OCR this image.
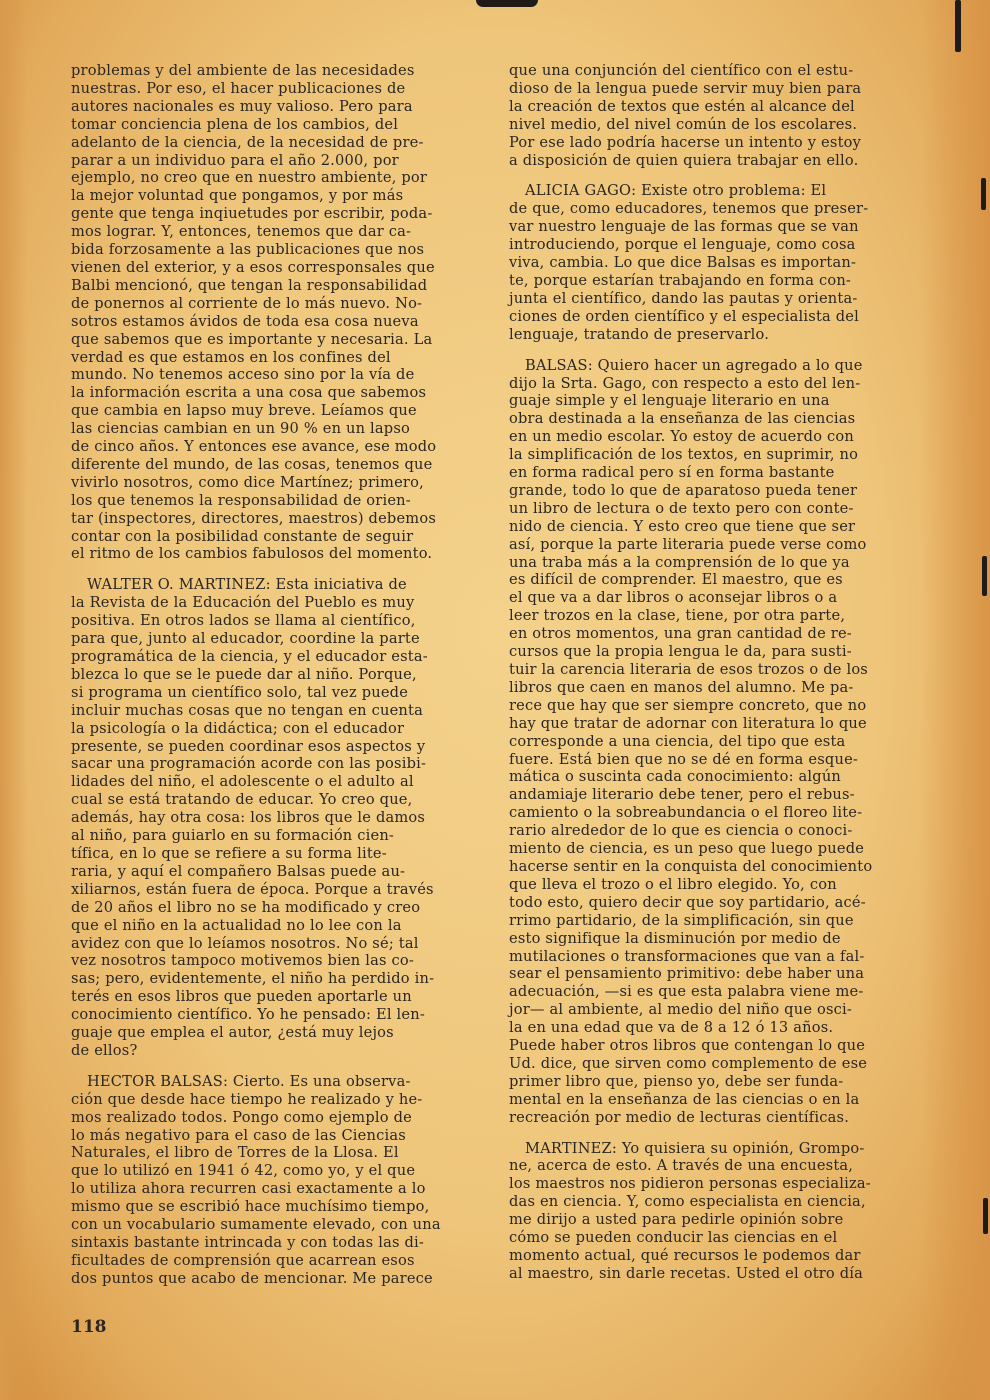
problemas y del ambiente de las necesidades
nuestras. Por eso, el hacer publicaciones de
autores nacionales es muy valioso. Pero para
tomar conciencia plena de los cambios, del
adelanto de la ciencia, de la necesidad de pre-
parar a un individuo para el año 2.000, por
ejemplo, no creo que en nuestro ambiente, por
la mejor voluntad que pongamos, y por más
gente que tenga inqiuetudes por escribir, poda-
mos lograr. Y, entonces, tenemos que dar ca-
bida forzosamente a las publicaciones que nos
vienen del exterior, y a esos corresponsales que
Balbi mencionó, que tengan la responsabilidad
de ponernos al corriente de lo más nuevo. No-
sotros estamos ávidos de toda esa cosa nueva
que sabemos que es importante y necesaria. La
verdad es que estamos en los confines del
mundo. No tenemos acceso sino por la vía de
la información escrita a una cosa que sabemos
que cambia en lapso muy breve. Leíamos que
las ciencias cambian en un 90 % en un lapso
de cinco años. Y entonces ese avance, ese modo
diferente del mundo, de las cosas, tenemos que
vivirlo nosotros, como dice Martínez; primero,
los que tenemos la responsabilidad de orien-
tar (inspectores, directores, maestros) debemos
contar con la posibilidad constante de seguir
el ritmo de los cambios fabulosos del momento.

WALTER O. MARTINEZ: Esta iniciativa de
la Revista de la Educación del Pueblo es muy
positiva. En otros lados se llama al científico,
para que, junto al educador, coordine la parte
programática de la ciencia, y el educador esta-
blezca lo que se le puede dar al niño. Porque,
si programa un científico solo, tal vez puede
incluir muchas cosas que no tengan en cuenta
la psicología o la didáctica; con el educador
presente, se pueden coordinar esos aspectos y
sacar una programación acorde con las posibi-
lidades del niño, el adolescente o el adulto al
cual se está tratando de educar. Yo creo que,
además, hay otra cosa: los libros que le damos
al niño, para guiarlo en su formación cien-
tífica, en lo que se refiere a su forma lite-
raria, y aquí el compañero Balsas puede au-
xiliarnos, están fuera de época. Porque a través
de 20 años el libro no se ha modificado y creo
que el niño en la actualidad no lo lee con la
avidez con que lo leíamos nosotros. No sé; tal
vez nosotros tampoco motivemos bien las co-
sas; pero, evidentemente, el niño ha perdido in-
terés en esos libros que pueden aportarle un
conocimiento científico. Yo he pensado: El len-
guaje que emplea el autor, ¿está muy lejos
de ellos?

HECTOR BALSAS: Cierto. Es una observa-
ción que desde hace tiempo he realizado y he-
mos realizado todos. Pongo como ejemplo de
lo más negativo para el caso de las Ciencias
Naturales, el libro de Torres de la Llosa. El
que lo utilizó en 1941 ó 42, como yo, y el que
lo utiliza ahora recurren casi exactamente a lo
mismo que se escribió hace muchísimo tiempo,
con un vocabulario sumamente elevado, con una
sintaxis bastante intrincada y con todas las di-
ficultades de comprensión que acarrean esos
dos puntos que acabo de mencionar. Me parece

que una conjunción del científico con el estu-
dioso de la lengua puede servir muy bien para
la creación de textos que estén al alcance del
nivel medio, del nivel común de los escolares.
Por ese lado podría hacerse un intento y estoy
a disposición de quien quiera trabajar en ello.

ALICIA GAGO: Existe otro problema: El
de que, como educadores, tenemos que preser-
var nuestro lenguaje de las formas que se van
introduciendo, porque el lenguaje, como cosa
viva, cambia. Lo que dice Balsas es importan-
te, porque estarían trabajando en forma con-
junta el científico, dando las pautas y orienta-
ciones de orden científico y el especialista del
lenguaje, tratando de preservarlo.

BALSAS: Quiero hacer un agregado a lo que
dijo la Srta. Gago, con respecto a esto del len-
guaje simple y el lenguaje literario en una
obra destinada a la enseñanza de las ciencias
en un medio escolar. Yo estoy de acuerdo con
la simplificación de los textos, en suprimir, no
en forma radical pero sí en forma bastante
grande, todo lo que de aparatoso pueda tener
un libro de lectura o de texto pero con conte-
nido de ciencia. Y esto creo que tiene que ser
así, porque la parte literaria puede verse como
una traba más a la comprensión de lo que ya
es difícil de comprender. El maestro, que es
el que va a dar libros o aconsejar libros o a
leer trozos en la clase, tiene, por otra parte,
en otros momentos, una gran cantidad de re-
cursos que la propia lengua le da, para susti-
tuir la carencia literaria de esos trozos o de los
libros que caen en manos del alumno. Me pa-
rece que hay que ser siempre concreto, que no
hay que tratar de adornar con literatura lo que
corresponde a una ciencia, del tipo que esta
fuere. Está bien que no se dé en forma esque-
mática o suscinta cada conocimiento: algún
andamiaje literario debe tener, pero el rebus-
camiento o la sobreabundancia o el floreo lite-
rario alrededor de lo que es ciencia o conoci-
miento de ciencia, es un peso que luego puede
hacerse sentir en la conquista del conocimiento
que lleva el trozo o el libro elegido. Yo, con
todo esto, quiero decir que soy partidario, acé-
rrimo partidario, de la simplificación, sin que
esto signifique la disminución por medio de
mutilaciones o transformaciones que van a fal-
sear el pensamiento primitivo: debe haber una
adecuación, —si es que esta palabra viene me-
jor— al ambiente, al medio del niño que osci-
la en una edad que va de 8 a 12 ó 13 años.
Puede haber otros libros que contengan lo que
Ud. dice, que sirven como complemento de ese
primer libro que, pienso yo, debe ser funda-
mental en la enseñanza de las ciencias o en la
recreación por medio de lecturas científicas.

MARTINEZ: Yo quisiera su opinión, Grompo-
ne, acerca de esto. A través de una encuesta,
los maestros nos pidieron personas especializa-
das en ciencia. Y, como especialista en ciencia,
me dirijo a usted para pedirle opinión sobre
cómo se pueden conducir las ciencias en el
momento actual, qué recursos le podemos dar
al maestro, sin darle recetas. Usted el otro día

118
